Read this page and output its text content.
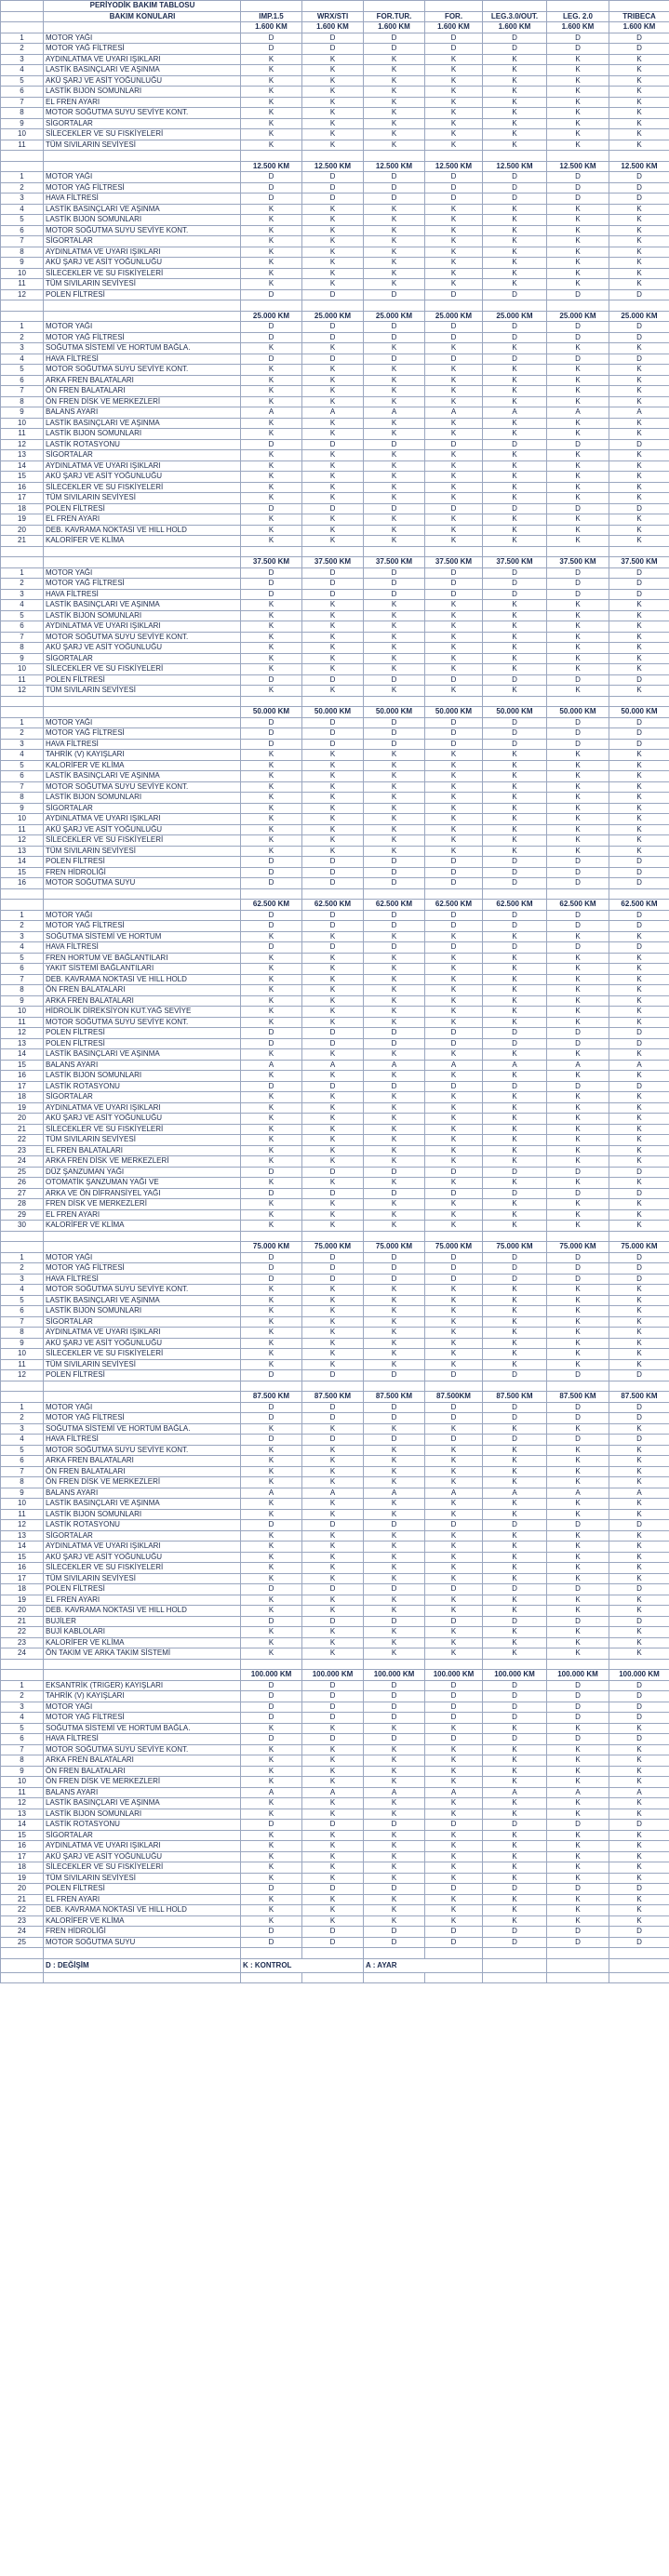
	PERİYODİK BAKIM TABLOSU							
	BAKIM KONULARI	IMP.1.5	WRX/STI	FOR.TUR.	FOR.	LEG.3.0/OUT.	LEG. 2.0	TRIBECA
		1.600 KM	1.600 KM	1.600 KM	1.600 KM	1.600 KM	1.600 KM	1.600 KM
1	MOTOR YAĞI	D	D	D	D	D	D	D
2	MOTOR YAĞ FİLTRESİ	D	D	D	D	D	D	D
3	AYDINLATMA VE UYARI IŞIKLARI	K	K	K	K	K	K	K
4	LASTİK BASINÇLARI VE AŞINMA	K	K	K	K	K	K	K
5	AKÜ ŞARJ VE ASİT YOĞUNLUĞU	K	K	K	K	K	K	K
6	LASTİK BIJON SOMUNLARI	K	K	K	K	K	K	K
7	EL FREN AYARI	K	K	K	K	K	K	K
8	MOTOR SOĞUTMA SUYU SEVİYE KONT.	K	K	K	K	K	K	K
9	SİGORTALAR	K	K	K	K	K	K	K
10	SİLECEKLER VE SU FISKİYELERİ	K	K	K	K	K	K	K
11	TÜM SIVILARIN SEVİYESİ	K	K	K	K	K	K	K

		12.500 KM	12.500 KM	12.500 KM	12.500 KM	12.500 KM	12.500 KM	12.500 KM
1	MOTOR YAĞI	D	D	D	D	D	D	D
2	MOTOR YAĞ FİLTRESİ	D	D	D	D	D	D	D
3	HAVA FİLTRESİ	D	D	D	D	D	D	D
4	LASTİK BASINÇLARI VE AŞINMA	K	K	K	K	K	K	K
5	LASTİK BIJON SOMUNLARI	K	K	K	K	K	K	K
6	MOTOR SOĞUTMA SUYU SEVİYE KONT.	K	K	K	K	K	K	K
7	SİGORTALAR	K	K	K	K	K	K	K
8	AYDINLATMA VE UYARI IŞIKLARI	K	K	K	K	K	K	K
9	AKÜ ŞARJ VE ASİT YOĞUNLUĞU	K	K	K	K	K	K	K
10	SİLECEKLER VE SU FISKİYELERİ	K	K	K	K	K	K	K
11	TÜM SIVILARIN SEVİYESİ	K	K	K	K	K	K	K
12	POLEN FİLTRESİ	D	D	D	D	D	D	D

		25.000 KM	25.000 KM	25.000 KM	25.000 KM	25.000 KM	25.000 KM	25.000 KM
1	MOTOR YAĞI	D	D	D	D	D	D	D
2	MOTOR YAĞ FİLTRESİ	D	D	D	D	D	D	D
3	SOĞUTMA SİSTEMİ VE HORTUM BAĞLA.	K	K	K	K	K	K	K
4	HAVA FİLTRESİ	D	D	D	D	D	D	D
5	MOTOR SOĞUTMA SUYU SEVİYE KONT.	K	K	K	K	K	K	K
6	ARKA FREN BALATALARI	K	K	K	K	K	K	K
7	ÖN FREN BALATALARI	K	K	K	K	K	K	K
8	ÖN FREN DİSK VE MERKEZLERİ	K	K	K	K	K	K	K
9	BALANS AYARI	A	A	A	A	A	A	A
10	LASTİK BASINÇLARI VE AŞINMA	K	K	K	K	K	K	K
11	LASTİK BIJON SOMUNLARI	K	K	K	K	K	K	K
12	LASTİK ROTASYONU	D	D	D	D	D	D	D
13	SİGORTALAR	K	K	K	K	K	K	K
14	AYDINLATMA VE UYARI IŞIKLARI	K	K	K	K	K	K	K
15	AKÜ ŞARJ VE ASİT YOĞUNLUĞU	K	K	K	K	K	K	K
16	SİLECEKLER VE SU FISKİYELERİ	K	K	K	K	K	K	K
17	TÜM SIVILARIN SEVİYESİ	K	K	K	K	K	K	K
18	POLEN FİLTRESİ	D	D	D	D	D	D	D
19	EL FREN AYARI	K	K	K	K	K	K	K
20	DEB. KAVRAMA NOKTASI VE HILL HOLD	K	K	K	K	K	K	K
21	KALORİFER VE KLİMA	K	K	K	K	K	K	K

		37.500 KM	37.500 KM	37.500 KM	37.500 KM	37.500 KM	37.500 KM	37.500 KM
1	MOTOR YAĞI	D	D	D	D	D	D	D
2	MOTOR YAĞ FİLTRESİ	D	D	D	D	D	D	D
3	HAVA FİLTRESİ	D	D	D	D	D	D	D
4	LASTİK BASINÇLARI VE AŞINMA	K	K	K	K	K	K	K
5	LASTİK BIJON SOMUNLARI	K	K	K	K	K	K	K
6	AYDINLATMA VE UYARI IŞIKLARI	K	K	K	K	K	K	K
7	MOTOR SOĞUTMA SUYU SEVİYE KONT.	K	K	K	K	K	K	K
8	AKÜ ŞARJ VE ASİT YOĞUNLUĞU	K	K	K	K	K	K	K
9	SİGORTALAR	K	K	K	K	K	K	K
10	SİLECEKLER VE SU FISKİYELERİ	K	K	K	K	K	K	K
11	POLEN FİLTRESİ	D	D	D	D	D	D	D
12	TÜM SIVILARIN SEVİYESİ	K	K	K	K	K	K	K

		50.000 KM	50.000 KM	50.000 KM	50.000 KM	50.000 KM	50.000 KM	50.000 KM
1	MOTOR YAĞI	D	D	D	D	D	D	D
2	MOTOR YAĞ FİLTRESİ	D	D	D	D	D	D	D
3	HAVA FİLTRESİ	D	D	D	D	D	D	D
4	TAHRİK (V) KAYIŞLARI	K	K	K	K	K	K	K
5	KALORİFER VE KLİMA	K	K	K	K	K	K	K
6	LASTİK BASINÇLARI VE AŞINMA	K	K	K	K	K	K	K
7	MOTOR SOĞUTMA SUYU SEVİYE KONT.	K	K	K	K	K	K	K
8	LASTİK BIJON SOMUNLARI	K	K	K	K	K	K	K
9	SİGORTALAR	K	K	K	K	K	K	K
10	AYDINLATMA VE UYARI IŞIKLARI	K	K	K	K	K	K	K
11	AKÜ ŞARJ VE ASİT YOĞUNLUĞU	K	K	K	K	K	K	K
12	SİLECEKLER VE SU FISKİYELERİ	K	K	K	K	K	K	K
13	TÜM SIVILARIN SEVİYESİ	K	K	K	K	K	K	K
14	POLEN FİLTRESİ	D	D	D	D	D	D	D
15	FREN HİDROLİĞİ	D	D	D	D	D	D	D
16	MOTOR SOĞUTMA SUYU	D	D	D	D	D	D	D

		62.500 KM	62.500 KM	62.500 KM	62.500 KM	62.500 KM	62.500 KM	62.500 KM
1	MOTOR YAĞI	D	D	D	D	D	D	D
2	MOTOR YAĞ FİLTRESİ	D	D	D	D	D	D	D
3	SOĞUTMA SİSTEMİ VE HORTUM	K	K	K	K	K	K	K
4	HAVA FİLTRESİ	D	D	D	D	D	D	D
5	FREN HORTUM VE BAĞLANTILARI	K	K	K	K	K	K	K
6	YAKIT SİSTEMİ BAĞLANTILARI	K	K	K	K	K	K	K
7	DEB. KAVRAMA NOKTASI VE HILL HOLD	K	K	K	K	K	K	K
8	ÖN FREN BALATALARI	K	K	K	K	K	K	K
9	ARKA FREN BALATALARI	K	K	K	K	K	K	K
10	HİDROLİK DİREKSİYON KUT.YAĞ SEVİYE	K	K	K	K	K	K	K
11	MOTOR SOĞUTMA SUYU SEVİYE KONT.	K	K	K	K	K	K	K
12	POLEN FİLTRESİ	D	D	D	D	D	D	D
13	POLEN FİLTRESİ	D	D	D	D	D	D	D
14	LASTİK BASINÇLARI VE AŞINMA	K	K	K	K	K	K	K
15	BALANS AYARI	A	A	A	A	A	A	A
16	LASTİK BIJON SOMUNLARI	K	K	K	K	K	K	K
17	LASTİK ROTASYONU	D	D	D	D	D	D	D
18	SİGORTALAR	K	K	K	K	K	K	K
19	AYDINLATMA VE UYARI IŞIKLARI	K	K	K	K	K	K	K
20	AKÜ ŞARJ VE ASİT YOĞUNLUĞU	K	K	K	K	K	K	K
21	SİLECEKLER VE SU FISKİYELERİ	K	K	K	K	K	K	K
22	TÜM SIVILARIN SEVİYESİ	K	K	K	K	K	K	K
23	EL FREN BALATALARI	K	K	K	K	K	K	K
24	ARKA FREN DİSK VE MERKEZLERİ	K	K	K	K	K	K	K
25	DÜZ ŞANZUMAN YAĞI	D	D	D	D	D	D	D
26	OTOMATİK ŞANZUMAN YAĞI VE	K	K	K	K	K	K	K
27	ARKA VE ÖN DİFRANSİYEL YAĞI	D	D	D	D	D	D	D
28	FREN DİSK VE MERKEZLERİ	K	K	K	K	K	K	K
29	EL FREN AYARI	K	K	K	K	K	K	K
30	KALORİFER VE KLİMA	K	K	K	K	K	K	K

		75.000 KM	75.000 KM	75.000 KM	75.000 KM	75.000 KM	75.000 KM	75.000 KM
1	MOTOR YAĞI	D	D	D	D	D	D	D
2	MOTOR YAĞ FİLTRESİ	D	D	D	D	D	D	D
3	HAVA FİLTRESİ	D	D	D	D	D	D	D
4	MOTOR SOĞUTMA SUYU SEVİYE KONT.	K	K	K	K	K	K	K
5	LASTİK BASINÇLARI VE AŞINMA	K	K	K	K	K	K	K
6	LASTİK BIJON SOMUNLARI	K	K	K	K	K	K	K
7	SİGORTALAR	K	K	K	K	K	K	K
8	AYDINLATMA VE UYARI IŞIKLARI	K	K	K	K	K	K	K
9	AKÜ ŞARJ VE ASİT YOĞUNLUĞU	K	K	K	K	K	K	K
10	SİLECEKLER VE SU FISKİYELERİ	K	K	K	K	K	K	K
11	TÜM SIVILARIN SEVİYESİ	K	K	K	K	K	K	K
12	POLEN FİLTRESİ	D	D	D	D	D	D	D

		87.500 KM	87.500 KM	87.500 KM	87.500KM	87.500 KM	87.500 KM	87.500 KM
1	MOTOR YAĞI	D	D	D	D	D	D	D
2	MOTOR YAĞ FİLTRESİ	D	D	D	D	D	D	D
3	SOĞUTMA SİSTEMİ VE HORTUM BAĞLA.	K	K	K	K	K	K	K
4	HAVA FİLTRESİ	D	D	D	D	D	D	D
5	MOTOR SOĞUTMA SUYU SEVİYE KONT.	K	K	K	K	K	K	K
6	ARKA FREN BALATALARI	K	K	K	K	K	K	K
7	ÖN FREN BALATALARI	K	K	K	K	K	K	K
8	ÖN FREN DİSK VE MERKEZLERİ	K	K	K	K	K	K	K
9	BALANS AYARI	A	A	A	A	A	A	A
10	LASTİK BASINÇLARI VE AŞINMA	K	K	K	K	K	K	K
11	LASTİK BIJON SOMUNLARI	K	K	K	K	K	K	K
12	LASTİK ROTASYONU	D	D	D	D	D	D	D
13	SİGORTALAR	K	K	K	K	K	K	K
14	AYDINLATMA VE UYARI IŞIKLARI	K	K	K	K	K	K	K
15	AKÜ ŞARJ VE ASİT YOĞUNLUĞU	K	K	K	K	K	K	K
16	SİLECEKLER VE SU FISKİYELERİ	K	K	K	K	K	K	K
17	TÜM SIVILARIN SEVİYESİ	K	K	K	K	K	K	K
18	POLEN FİLTRESİ	D	D	D	D	D	D	D
19	EL FREN AYARI	K	K	K	K	K	K	K
20	DEB. KAVRAMA NOKTASI VE HILL HOLD	K	K	K	K	K	K	K
21	BUJİLER	D	D	D	D	D	D	D
22	BUJİ KABLOLARI	K	K	K	K	K	K	K
23	KALORİFER VE KLİMA	K	K	K	K	K	K	K
24	ÖN TAKIM VE ARKA TAKIM SİSTEMİ	K	K	K	K	K	K	K

		100.000 KM	100.000 KM	100.000 KM	100.000 KM	100.000 KM	100.000 KM	100.000 KM
1	EKSANTRİK (TRIGER) KAYIŞLARI	D	D	D	D	D	D	D
2	TAHRİK (V) KAYIŞLARI	D	D	D	D	D	D	D
3	MOTOR YAĞI	D	D	D	D	D	D	D
4	MOTOR YAĞ FİLTRESİ	D	D	D	D	D	D	D
5	SOĞUTMA SİSTEMİ VE HORTUM BAĞLA.	K	K	K	K	K	K	K
6	HAVA FİLTRESİ	D	D	D	D	D	D	D
7	MOTOR SOĞUTMA SUYU SEVİYE KONT.	K	K	K	K	K	K	K
8	ARKA FREN BALATALARI	K	K	K	K	K	K	K
9	ÖN FREN BALATALARI	K	K	K	K	K	K	K
10	ÖN FREN DİSK VE MERKEZLERİ	K	K	K	K	K	K	K
11	BALANS AYARI	A	A	A	A	A	A	A
12	LASTİK BASINÇLARI VE AŞINMA	K	K	K	K	K	K	K
13	LASTİK BIJON SOMUNLARI	K	K	K	K	K	K	K
14	LASTİK ROTASYONU	D	D	D	D	D	D	D
15	SİGORTALAR	K	K	K	K	K	K	K
16	AYDINLATMA VE UYARI IŞIKLARI	K	K	K	K	K	K	K
17	AKÜ ŞARJ VE ASİT YOĞUNLUĞU	K	K	K	K	K	K	K
18	SİLECEKLER VE SU FISKİYELERİ	K	K	K	K	K	K	K
19	TÜM SIVILARIN SEVİYESİ	K	K	K	K	K	K	K
20	POLEN FİLTRESİ	D	D	D	D	D	D	D
21	EL FREN AYARI	K	K	K	K	K	K	K
22	DEB. KAVRAMA NOKTASI VE HILL HOLD	K	K	K	K	K	K	K
23	KALORİFER VE KLİMA	K	K	K	K	K	K	K
24	FREN HİDROLİĞİ	D	D	D	D	D	D	D
25	MOTOR SOĞUTMA SUYU	D	D	D	D	D	D	D

	D : DEĞİŞİM	K : KONTROL		A : AYAR				
